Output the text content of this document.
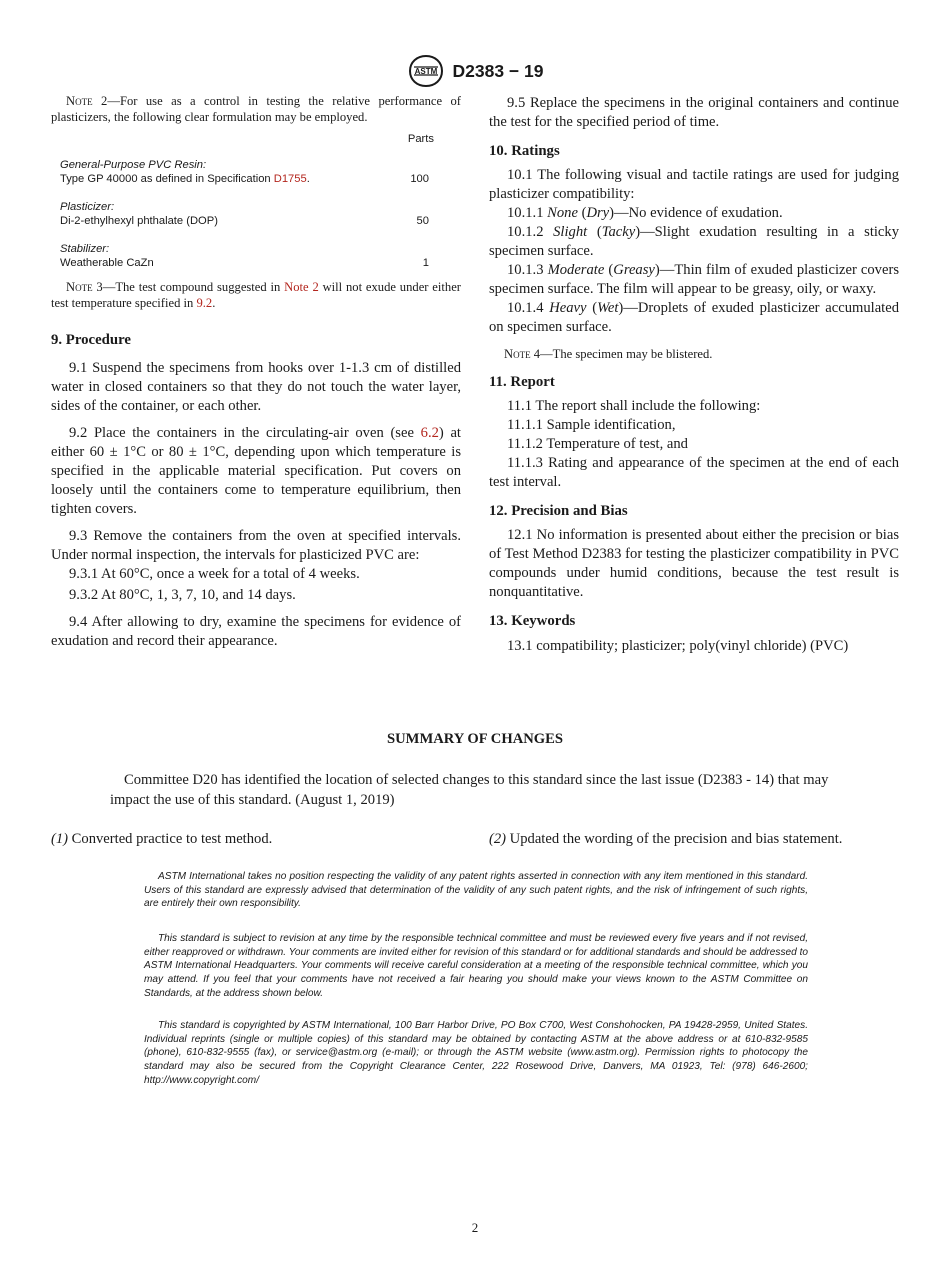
ASTM D2383 − 19

Note 2—For use as a control in testing the relative performance of plasticizers, the following clear formulation may be employed.

Parts
General-Purpose PVC Resin:
Type GP 40000 as defined in Specification D1755.	100
Plasticizer:
Di-2-ethylhexyl phthalate (DOP)	50
Stabilizer:
Weatherable CaZn	1

Note 3—The test compound suggested in Note 2 will not exude under either test temperature specified in 9.2.

9. Procedure

9.1 Suspend the specimens from hooks over 1-1.3 cm of distilled water in closed containers so that they do not touch the water layer, sides of the container, or each other.

9.2 Place the containers in the circulating-air oven (see 6.2) at either 60 ± 1°C or 80 ± 1°C, depending upon which temperature is specified in the applicable material specification. Put covers on loosely until the containers come to temperature equilibrium, then tighten covers.

9.3 Remove the containers from the oven at specified intervals. Under normal inspection, the intervals for plasticized PVC are:

9.3.1 At 60°C, once a week for a total of 4 weeks.

9.3.2 At 80°C, 1, 3, 7, 10, and 14 days.

9.4 After allowing to dry, examine the specimens for evidence of exudation and record their appearance.

9.5 Replace the specimens in the original containers and continue the test for the specified period of time.

10. Ratings

10.1 The following visual and tactile ratings are used for judging plasticizer compatibility:

10.1.1 None (Dry)—No evidence of exudation.

10.1.2 Slight (Tacky)—Slight exudation resulting in a sticky specimen surface.

10.1.3 Moderate (Greasy)—Thin film of exuded plasticizer covers specimen surface. The film will appear to be greasy, oily, or waxy.

10.1.4 Heavy (Wet)—Droplets of exuded plasticizer accumulated on specimen surface.

Note 4—The specimen may be blistered.

11. Report

11.1 The report shall include the following:

11.1.1 Sample identification,

11.1.2 Temperature of test, and

11.1.3 Rating and appearance of the specimen at the end of each test interval.

12. Precision and Bias

12.1 No information is presented about either the precision or bias of Test Method D2383 for testing the plasticizer compatibility in PVC compounds under humid conditions, because the test result is nonquantitative.

13. Keywords

13.1 compatibility; plasticizer; poly(vinyl chloride) (PVC)

SUMMARY OF CHANGES

Committee D20 has identified the location of selected changes to this standard since the last issue (D2383 - 14) that may impact the use of this standard. (August 1, 2019)

(1) Converted practice to test method.	(2) Updated the wording of the precision and bias statement.

ASTM International takes no position respecting the validity of any patent rights asserted in connection with any item mentioned in this standard. Users of this standard are expressly advised that determination of the validity of any such patent rights, and the risk of infringement of such rights, are entirely their own responsibility.

This standard is subject to revision at any time by the responsible technical committee and must be reviewed every five years and if not revised, either reapproved or withdrawn. Your comments are invited either for revision of this standard or for additional standards and should be addressed to ASTM International Headquarters. Your comments will receive careful consideration at a meeting of the responsible technical committee, which you may attend. If you feel that your comments have not received a fair hearing you should make your views known to the ASTM Committee on Standards, at the address shown below.

This standard is copyrighted by ASTM International, 100 Barr Harbor Drive, PO Box C700, West Conshohocken, PA 19428-2959, United States. Individual reprints (single or multiple copies) of this standard may be obtained by contacting ASTM at the above address or at 610-832-9585 (phone), 610-832-9555 (fax), or service@astm.org (e-mail); or through the ASTM website (www.astm.org). Permission rights to photocopy the standard may also be secured from the Copyright Clearance Center, 222 Rosewood Drive, Danvers, MA 01923, Tel: (978) 646-2600; http://www.copyright.com/

2
